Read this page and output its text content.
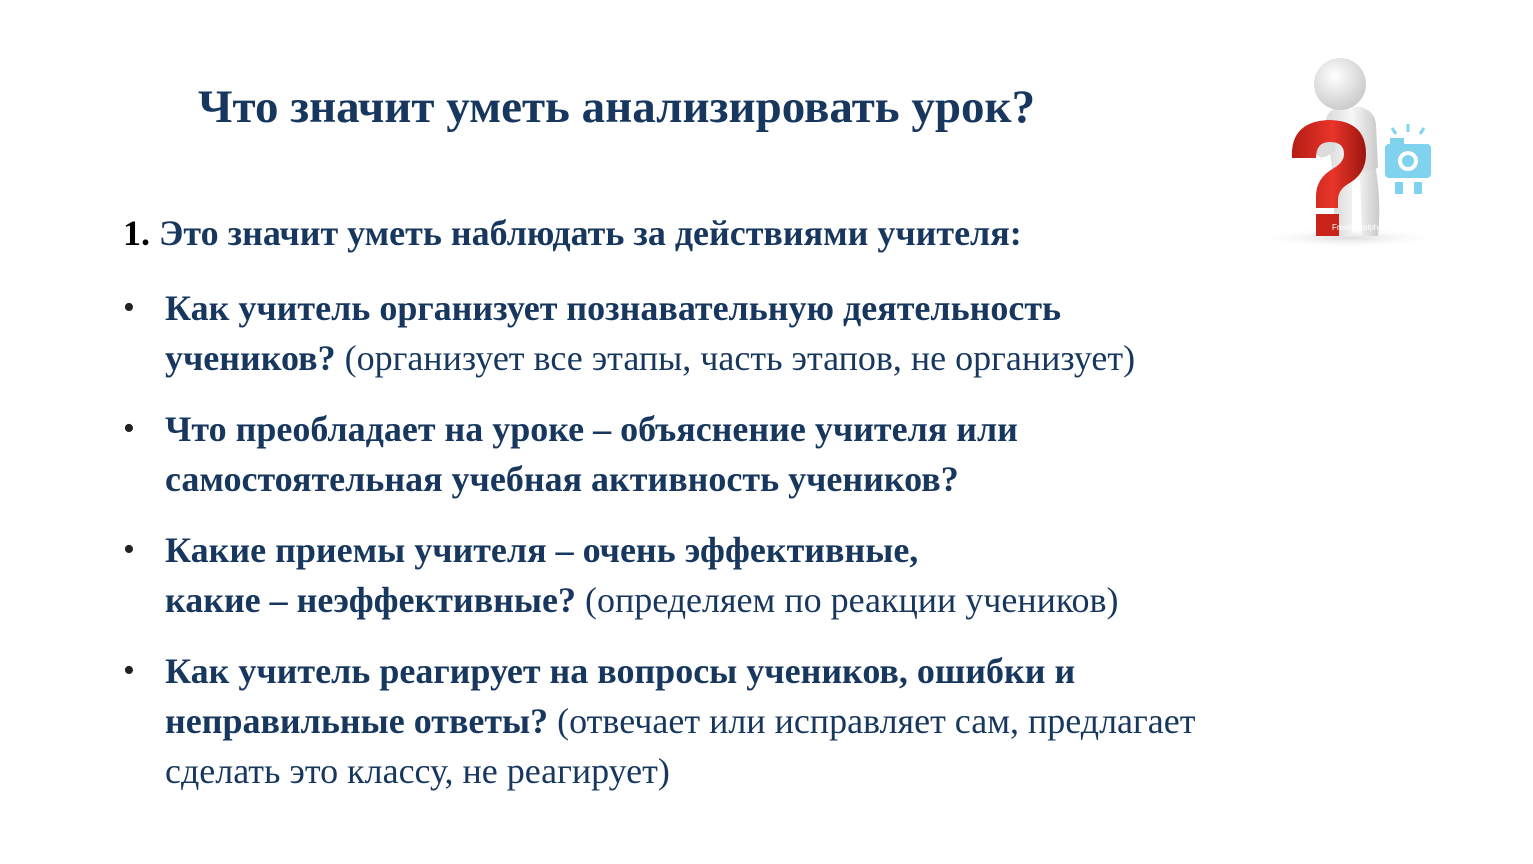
Что значит уметь анализировать урок?
1. Это значит уметь наблюдать за действиями учителя:
• Как учитель организует познавательную деятельность
учеников? (организует все этапы, часть этапов, не организует)
• Что преобладает на уроке – объяснение учителя или
самостоятельная учебная активность учеников?
• Какие приемы учителя – очень эффективные,
какие – неэффективные? (определяем по реакции учеников)
• Как учитель реагирует на вопросы учеников, ошибки и
неправильные ответы? (отвечает или исправляет сам, предлагает
сделать это классу, не реагирует)
Freedigitalphotos.net
